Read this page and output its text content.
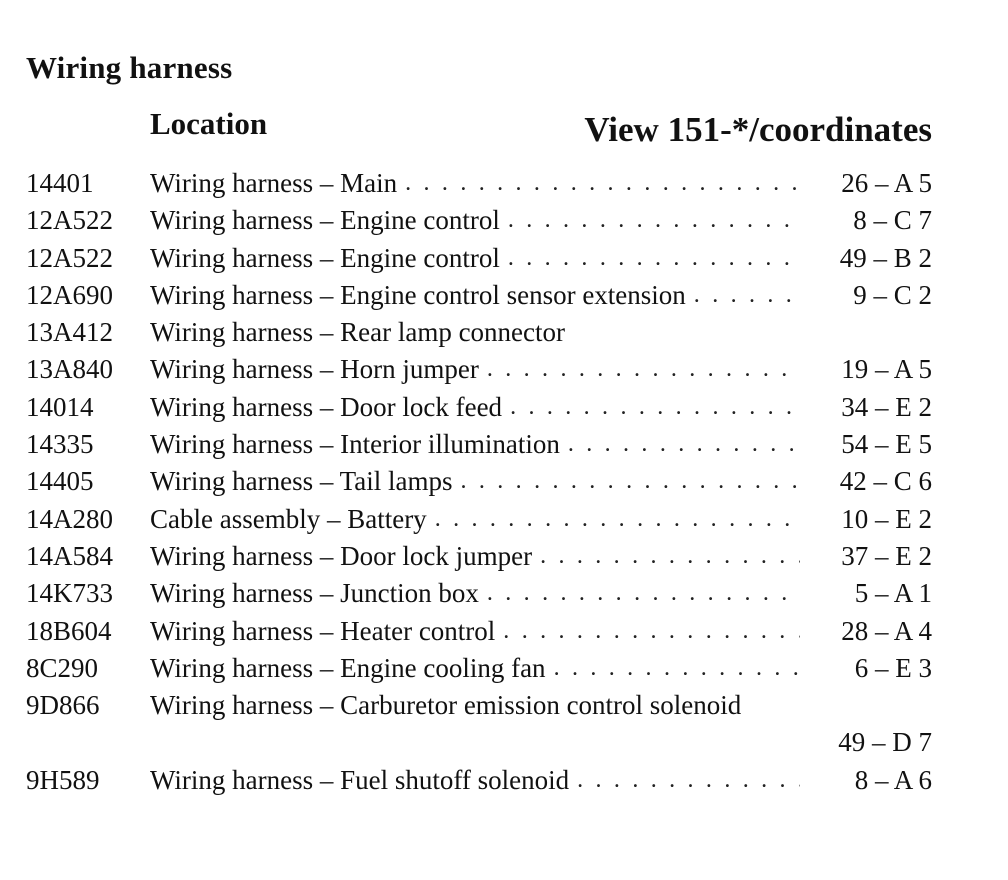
Wiring harness
Location	View 151-*/coordinates
14401 Wiring harness – Main . . .	26 – A 5
12A522 Wiring harness – Engine control . . .	8 – C 7
12A522 Wiring harness – Engine control . . .	49 – B 2
12A690 Wiring harness – Engine control sensor extension . . .	9 – C 2
13A412 Wiring harness – Rear lamp connector
13A840 Wiring harness – Horn jumper . . .	19 – A 5
14014 Wiring harness – Door lock feed . . .	34 – E 2
14335 Wiring harness – Interior illumination . . .	54 – E 5
14405 Wiring harness – Tail lamps . . .	42 – C 6
14A280 Cable assembly – Battery . . .	10 – E 2
14A584 Wiring harness – Door lock jumper . . .	37 – E 2
14K733 Wiring harness – Junction box . . .	5 – A 1
18B604 Wiring harness – Heater control . . .	28 – A 4
8C290 Wiring harness – Engine cooling fan . . .	6 – E 3
9D866 Wiring harness – Carburetor emission control solenoid
49 – D 7
9H589 Wiring harness – Fuel shutoff solenoid . . .	8 – A 6
